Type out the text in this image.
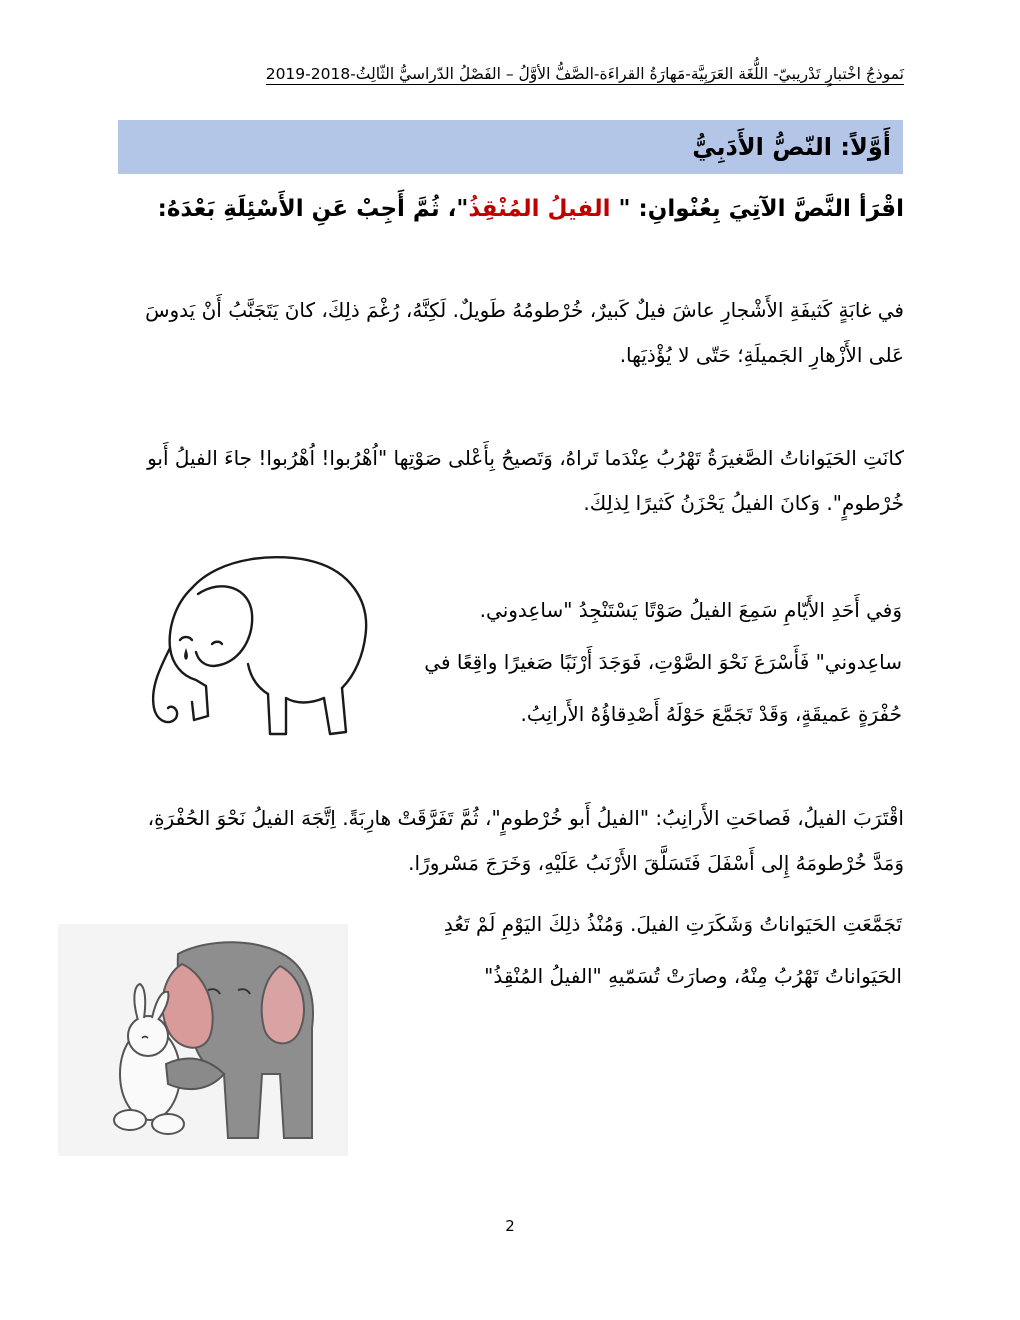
نَموذجُ اخْتبارٍ تَدْريبيّ- اللُّغَة العَرَبِيَّة-مَهارَةُ القراءَة-الصَّفُّ الأوَّلُ – الفَصْلُ الدّراسيُّ الثّالِثُ-2018-2019
أَوَّلاً: النّصُّ الأَدَبِيُّ
اقْرَأ النَّصَّ الآتِيَ بِعُنْوانِ: " الفيلُ المُنْقِذُ"، ثُمَّ أَجِبْ عَنِ الأَسْئِلَةِ بَعْدَهُ:

في غابَةٍ كَثيفَةِ الأَشْجارِ عاشَ فيلٌ كَبيرٌ، خُرْطومُهُ طَويلٌ. لَكِنَّهُ، رُغْمَ ذلِكَ، كانَ يَتَجَنَّبُ أَنْ يَدوسَ عَلى الأَزْهارِ الجَميلَةِ؛ حَتّى لا يُؤْذيَها.

كانَتِ الحَيَواناتُ الصَّغيرَةُ تَهْرُبُ عِنْدَما تَراهُ، وَتَصيحُ بِأَعْلى صَوْتِها "اُهْرُبوا! اُهْرُبوا! جاءَ الفيلُ أَبو خُرْطومٍ". وَكانَ الفيلُ يَحْزَنُ كَثيرًا لِذلِكَ.

وَفي أَحَدِ الأَيّامِ سَمِعَ الفيلُ صَوْتًا يَسْتَنْجِدُ "ساعِدوني. ساعِدوني" فَأَسْرَعَ نَحْوَ الصَّوْتِ، فَوَجَدَ أَرْنَبًا صَغيرًا واقِعًا في حُفْرَةٍ عَميقَةٍ، وَقَدْ تَجَمَّعَ حَوْلَهُ أَصْدِقاؤُهُ الأَرانِبُ.

اقْتَرَبَ الفيلُ، فَصاحَتِ الأَرانِبُ: "الفيلُ أَبو خُرْطومٍ"، ثُمَّ تَفَرَّقَتْ هارِبَةً. اِتَّجَهَ الفيلُ نَحْوَ الحُفْرَةِ، وَمَدَّ خُرْطومَهُ إِلى أَسْفَلَ فَتَسَلَّقَ الأَرْنَبُ عَلَيْهِ، وَخَرَجَ مَسْرورًا.

تَجَمَّعَتِ الحَيَواناتُ وَشَكَرَتِ الفيلَ. وَمُنْذُ ذلِكَ اليَوْمِ لَمْ تَعُدِ الحَيَواناتُ تَهْرُبُ مِنْهُ، وصارَتْ تُسَمّيهِ "الفيلُ المُنْقِذُ"

2
